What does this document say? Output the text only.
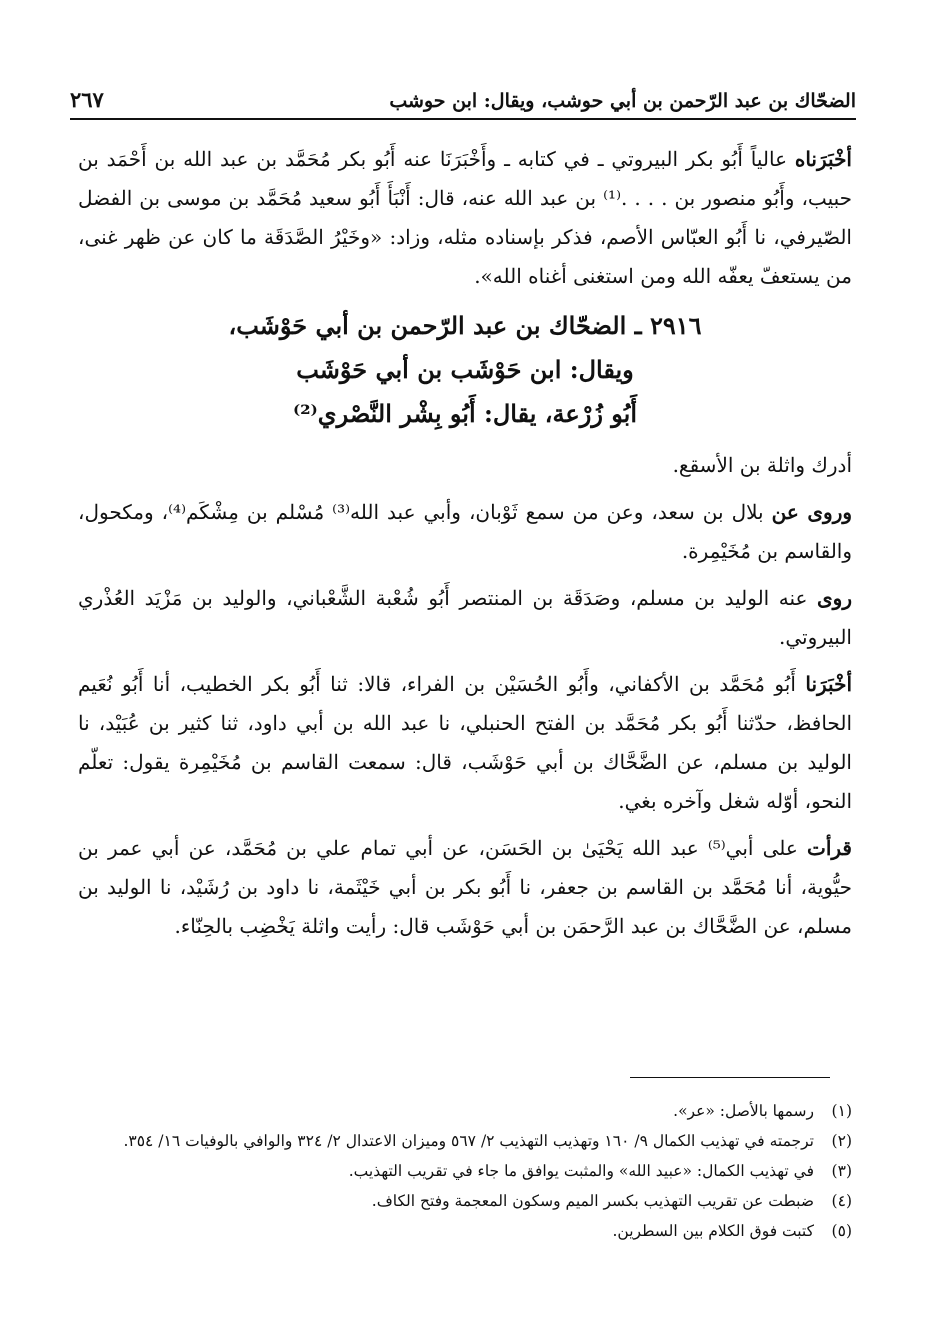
الضحّاك بن عبد الرّحمن بن أبي حوشب، ويقال: ابن حوشب
٢٦٧

أخْبَرَناه عالياً أَبُو بكر البيروتي ـ في كتابه ـ وأَخْبَرَنَا عنه أَبُو بكر مُحَمَّد بن عبد الله بن أَحْمَد بن حبيب، وأَبُو منصور بن . . . .⁽¹⁾ بن عبد الله عنه، قال: أَنْبَأَ أَبُو سعيد مُحَمَّد بن موسى بن الفضل الصّيرفي، نا أَبُو العبّاس الأصم، فذكر بإسناده مثله، وزاد: «وخَيْرُ الصَّدَقَة ما كان عن ظهر غنى، من يستعفّ يعفّه الله ومن استغنى أغناه الله».

٢٩١٦ ـ الضحّاك بن عبد الرّحمن بن أبي حَوْشَب،
ويقال: ابن حَوْشَب بن أبي حَوْشَب
أَبُو زُرْعة، يقال: أَبُو بِشْر النَّصْري⁽²⁾

أدرك واثلة بن الأسقع.

وروى عن بلال بن سعد، وعن من سمع ثَوْبان، وأبي عبد الله⁽³⁾ مُسْلم بن مِشْكَم⁽⁴⁾، ومكحول، والقاسم بن مُخَيْمِرة.

روى عنه الوليد بن مسلم، وصَدَقَة بن المنتصر أَبُو شُعْبة الشَّعْباني، والوليد بن مَزْيَد العُذْري البيروتي.

أخْبَرَنا أَبُو مُحَمَّد بن الأكفاني، وأَبُو الحُسَيْن بن الفراء، قالا: ثنا أَبُو بكر الخطيب، أنا أَبُو نُعَيم الحافظ، حدّثنا أَبُو بكر مُحَمَّد بن الفتح الحنبلي، نا عبد الله بن أبي داود، ثنا كثير بن عُبَيْد، نا الوليد بن مسلم، عن الضَّحَّاك بن أبي حَوْشَب، قال: سمعت القاسم بن مُخَيْمِرة يقول: تعلّم النحو، أوّله شغل وآخره بغي.

قرأت على أبي⁽⁵⁾ عبد الله يَحْيَىٰ بن الحَسَن، عن أبي تمام علي بن مُحَمَّد، عن أبي عمر بن حيُّوية، أنا مُحَمَّد بن القاسم بن جعفر، نا أَبُو بكر بن أبي خَيْثَمة، نا داود بن رُشَيْد، نا الوليد بن مسلم، عن الضَّحَّاك بن عبد الرَّحمَن بن أبي حَوْشَب قال: رأيت واثلة يَخْضِب بالحِنّاء.

(١)
رسمها بالأصل: «عر».
(٢)
ترجمته في تهذيب الكمال ٩/ ١٦٠ وتهذيب التهذيب ٢/ ٥٦٧ وميزان الاعتدال ٢/ ٣٢٤ والوافي بالوفيات ١٦/ ٣٥٤.
(٣)
في تهذيب الكمال: «عبيد الله» والمثبت يوافق ما جاء في تقريب التهذيب.
(٤)
ضبطت عن تقريب التهذيب بكسر الميم وسكون المعجمة وفتح الكاف.
(٥)
كتبت فوق الكلام بين السطرين.
